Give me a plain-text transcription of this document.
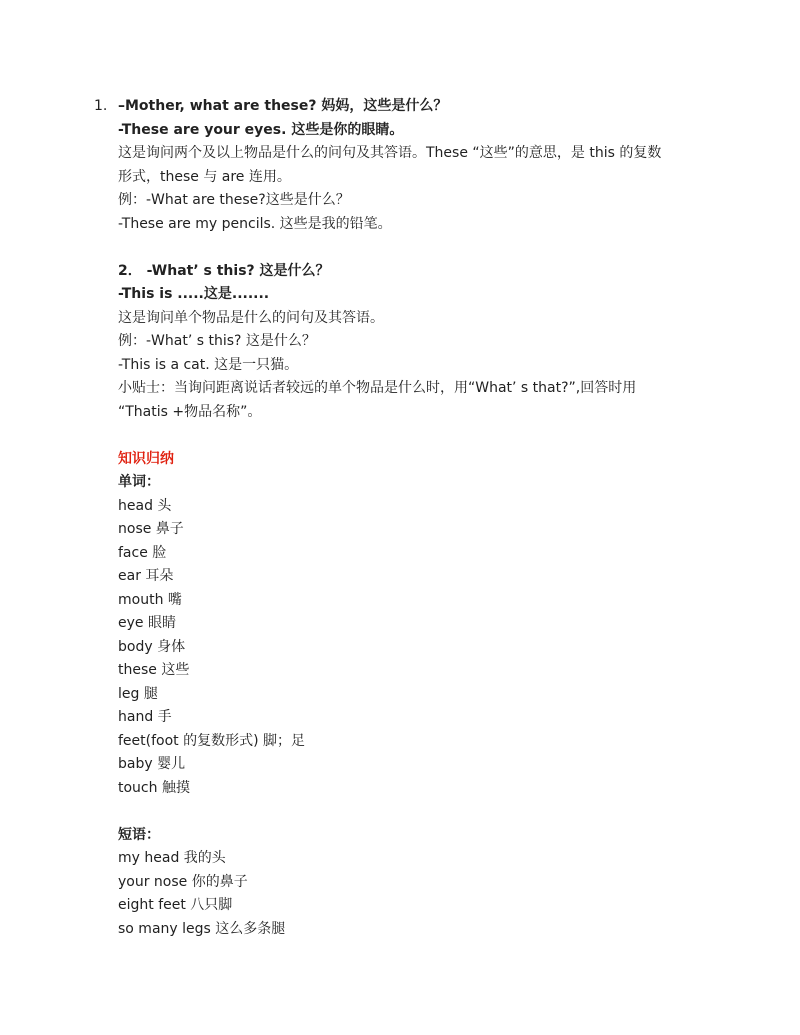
1. –Mother, what are these? 妈妈，这些是什么？
-These are your eyes. 这些是你的眼睛。
这是询问两个及以上物品是什么的问句及其答语。These “这些”的意思，是 this 的复数
形式，these 与 are 连用。
例：-What are these?这些是什么？
-These are my pencils. 这些是我的铅笔。
2． -What’ s this? 这是什么？
-This is .....这是.......
这是询问单个物品是什么的问句及其答语。
例：-What’ s this? 这是什么？
-This is a cat. 这是一只猫。
小贴士：当询问距离说话者较远的单个物品是什么时，用“What’ s that?”,回答时用
“Thatis +物品名称”。
知识归纳
单词：
head 头
nose 鼻子
face 脸
ear 耳朵
mouth 嘴
eye 眼睛
body 身体
these 这些
leg 腿
hand 手
feet(foot 的复数形式) 脚；足
baby 婴儿
touch 触摸
短语：
my head 我的头
your nose 你的鼻子
eight feet 八只脚
so many legs 这么多条腿
